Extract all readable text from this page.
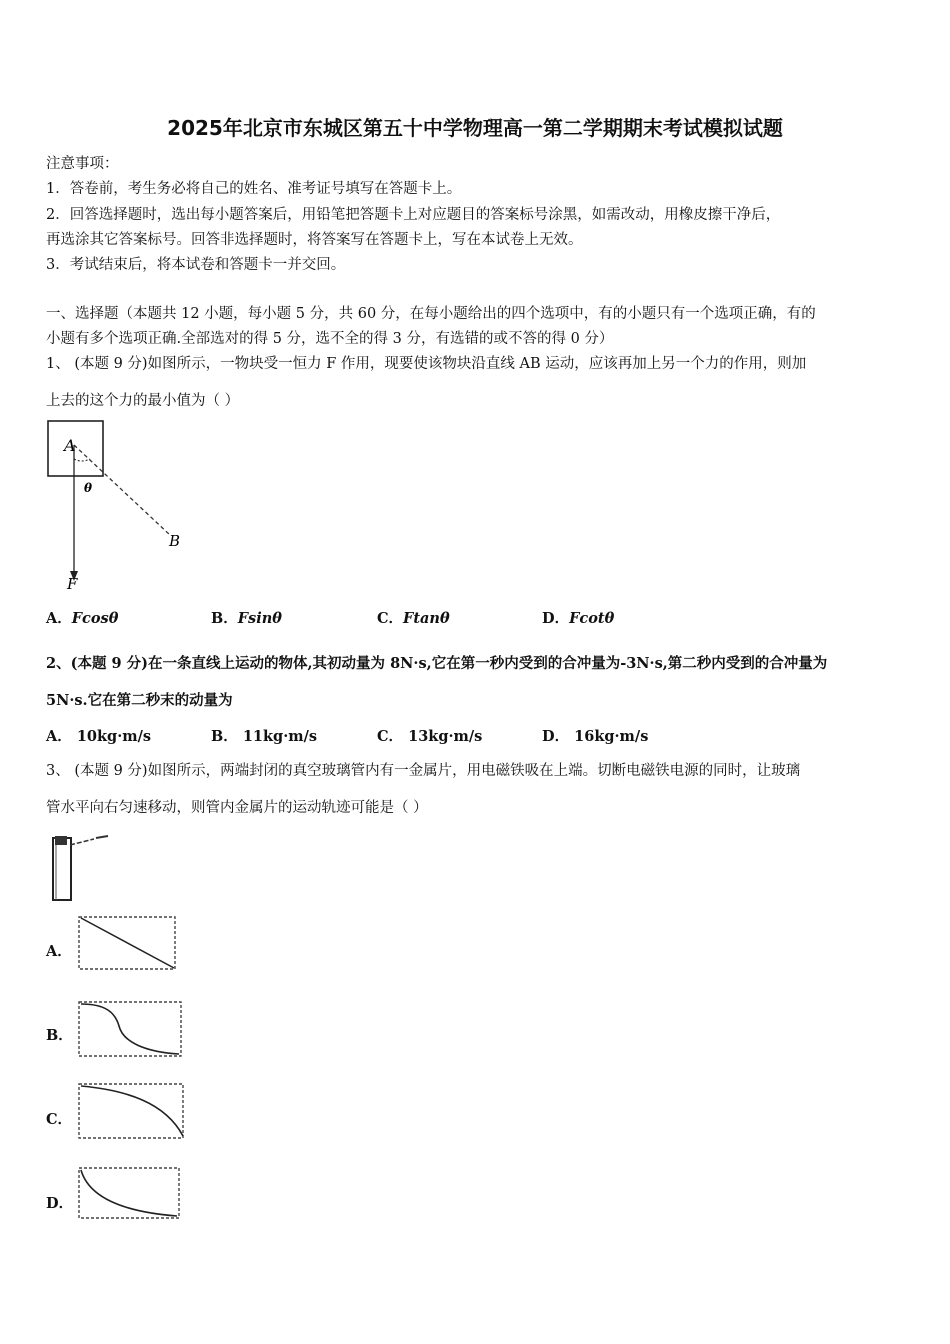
2025年北京市东城区第五十中学物理高一第二学期期末考试模拟试题
注意事项：
1．答卷前，考生务必将自己的姓名、准考证号填写在答题卡上。
2．回答选择题时，选出每小题答案后，用铅笔把答题卡上对应题目的答案标号涂黑，如需改动，用橡皮擦干净后，
再选涂其它答案标号。回答非选择题时，将答案写在答题卡上，写在本试卷上无效。
3．考试结束后，将本试卷和答题卡一并交回。
一、选择题（本题共 12 小题，每小题 5 分，共 60 分，在每小题给出的四个选项中，有的小题只有一个选项正确，有的
小题有多个选项正确.全部选对的得 5 分，选不全的得 3 分，有选错的或不答的得 0 分）
1、 (本题 9 分)如图所示，一物块受一恒力 F 作用，现要使该物块沿直线 AB 运动，应该再加上另一个力的作用，则加
上去的这个力的最小值为（ ）
A
θ
B
F
A．Fcosθ	B．Fsinθ	C．Ftanθ	D．Fcotθ
2、(本题 9 分)在一条直线上运动的物体,其初动量为 8N·s,它在第一秒内受到的合冲量为-3N·s,第二秒内受到的合冲量为
5N·s.它在第二秒末的动量为
A． 10kg·m/s	B． 11kg·m/s	C． 13kg·m/s	D． 16kg·m/s
3、 (本题 9 分)如图所示，两端封闭的真空玻璃管内有一金属片，用电磁铁吸在上端。切断电磁铁电源的同时，让玻璃
管水平向右匀速移动，则管内金属片的运动轨迹可能是（ ）
A．
B．
C．
D．
